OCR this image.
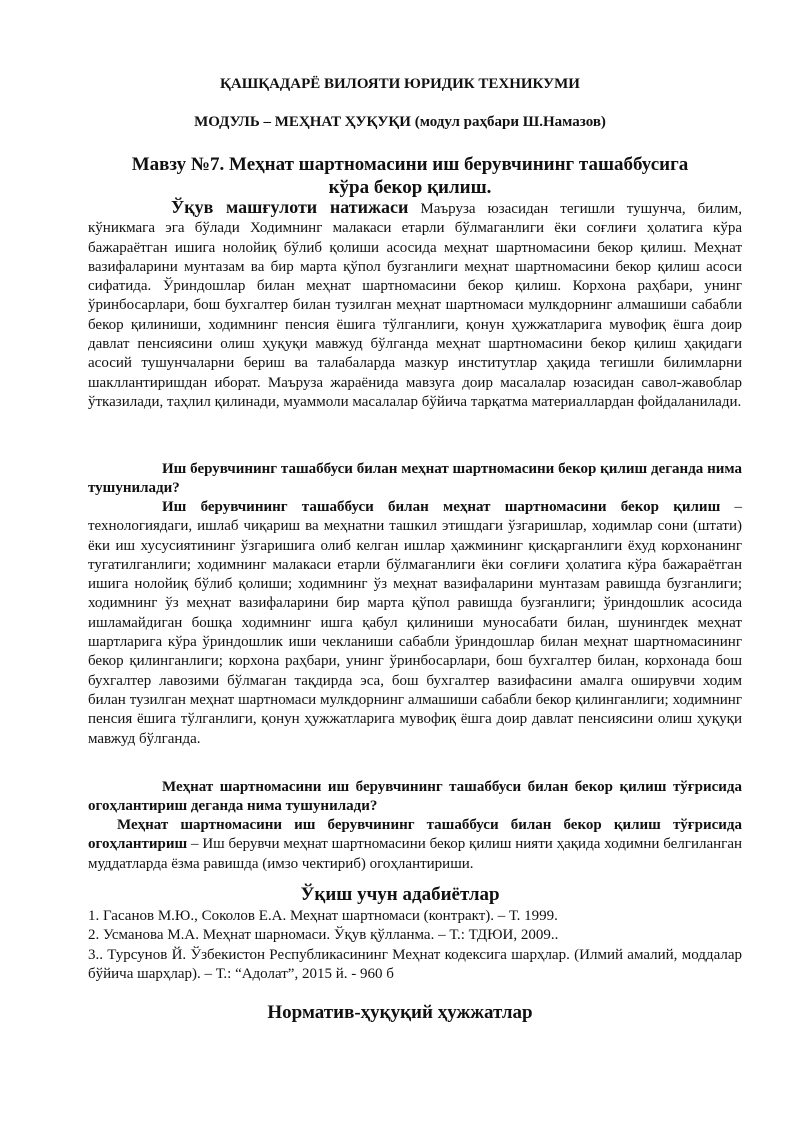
ҚАШҚАДАРЁ ВИЛОЯТИ ЮРИДИК ТЕХНИКУМИ
МОДУЛЬ – МЕҲНАТ ҲУҚУҚИ (модул раҳбари Ш.Намазов)
Мавзу №7. Меҳнат шартномасини иш берувчининг ташаббусига кўра бекор қилиш.
Ўқув машғулоти натижаси Маъруза юзасидан тегишли тушунча, билим, кўникмага эга бўлади Ходимнинг малакаси етарли бўлмаганлиги ёки соғлиғи ҳолатига кўра бажараётган ишига нолойиқ бўлиб қолиши асосида меҳнат шартномасини бекор қилиш. Меҳнат вазифаларини мунтазам ва бир марта қўпол бузганлиги меҳнат шартномасини бекор қилиш асоси сифатида. Ўриндошлар билан меҳнат шартномасини бекор қилиш. Корхона раҳбари, унинг ўринбосарлари, бош бухгалтер билан тузилган меҳнат шартномаси мулкдорнинг алмашиши сабабли бекор қилиниши, ходимнинг пенсия ёшига тўлганлиги, қонун ҳужжатларига мувофиқ ёшга доир давлат пенсиясини олиш ҳуқуқи мавжуд бўлганда меҳнат шартномасини бекор қилиш ҳақидаги асосий тушунчаларни бериш ва талабаларда мазкур институтлар ҳақида тегишли билимларни шакллантиришдан иборат. Маъруза жараёнида мавзуга доир масалалар юзасидан савол-жавоблар ўтказилади, таҳлил қилинади, муаммоли масалалар бўйича тарқатма материаллардан фойдаланилади.
Иш берувчининг ташаббуси билан меҳнат шартномасини бекор қилиш деганда нима тушунилади?
Иш берувчининг ташаббуси билан меҳнат шартномасини бекор қилиш – технологиядаги, ишлаб чиқариш ва меҳнатни ташкил этишдаги ўзгаришлар, ходимлар сони (штати) ёки иш хусусиятининг ўзгаришига олиб келган ишлар ҳажмининг қисқарганлиги ёхуд корхонанинг тугатилганлиги; ходимнинг малакаси етарли бўлмаганлиги ёки соғлиғи ҳолатига кўра бажараётган ишига нолойиқ бўлиб қолиши; ходимнинг ўз меҳнат вазифаларини мунтазам равишда бузганлиги; ходимнинг ўз меҳнат вазифаларини бир марта қўпол равишда бузганлиги; ўриндошлик асосида ишламайдиган бошқа ходимнинг ишга қабул қилиниши муносабати билан, шунингдек меҳнат шартларига кўра ўриндошлик иши чекланиши сабабли ўриндошлар билан меҳнат шартномасининг бекор қилинганлиги; корхона раҳбари, унинг ўринбосарлари, бош бухгалтер билан, корхонада бош бухгалтер лавозими бўлмаган тақдирда эса, бош бухгалтер вазифасини амалга оширувчи ходим билан тузилган меҳнат шартномаси мулкдорнинг алмашиши сабабли бекор қилинганлиги; ходимнинг пенсия ёшига тўлганлиги, қонун ҳужжатларига мувофиқ ёшга доир давлат пенсиясини олиш ҳуқуқи мавжуд бўлганда.
Меҳнат шартномасини иш берувчининг ташаббуси билан бекор қилиш тўғрисида огоҳлантириш деганда нима тушунилади?
Меҳнат шартномасини иш берувчининг ташаббуси билан бекор қилиш тўғрисида огоҳлантириш – Иш берувчи меҳнат шартномасини бекор қилиш нияти ҳақида ходимни белгиланган муддатларда ёзма равишда (имзо чектириб) огоҳлантириши.
Ўқиш учун адабиётлар

1. Гасанов М.Ю., Соколов Е.А. Меҳнат шартномаси (контракт). – Т. 1999.

2. Усманова М.А. Меҳнат шарномаси. Ўқув қўлланма. – Т.: ТДЮИ, 2009..

3.. Турсунов Й. Ўзбекистон Республикасининг Меҳнат кодексига шарҳлар. (Илмий амалий, моддалар бўйича шарҳлар). – Т.: “Адолат”, 2015 й. - 960 б

Норматив-ҳуқуқий ҳужжатлар
